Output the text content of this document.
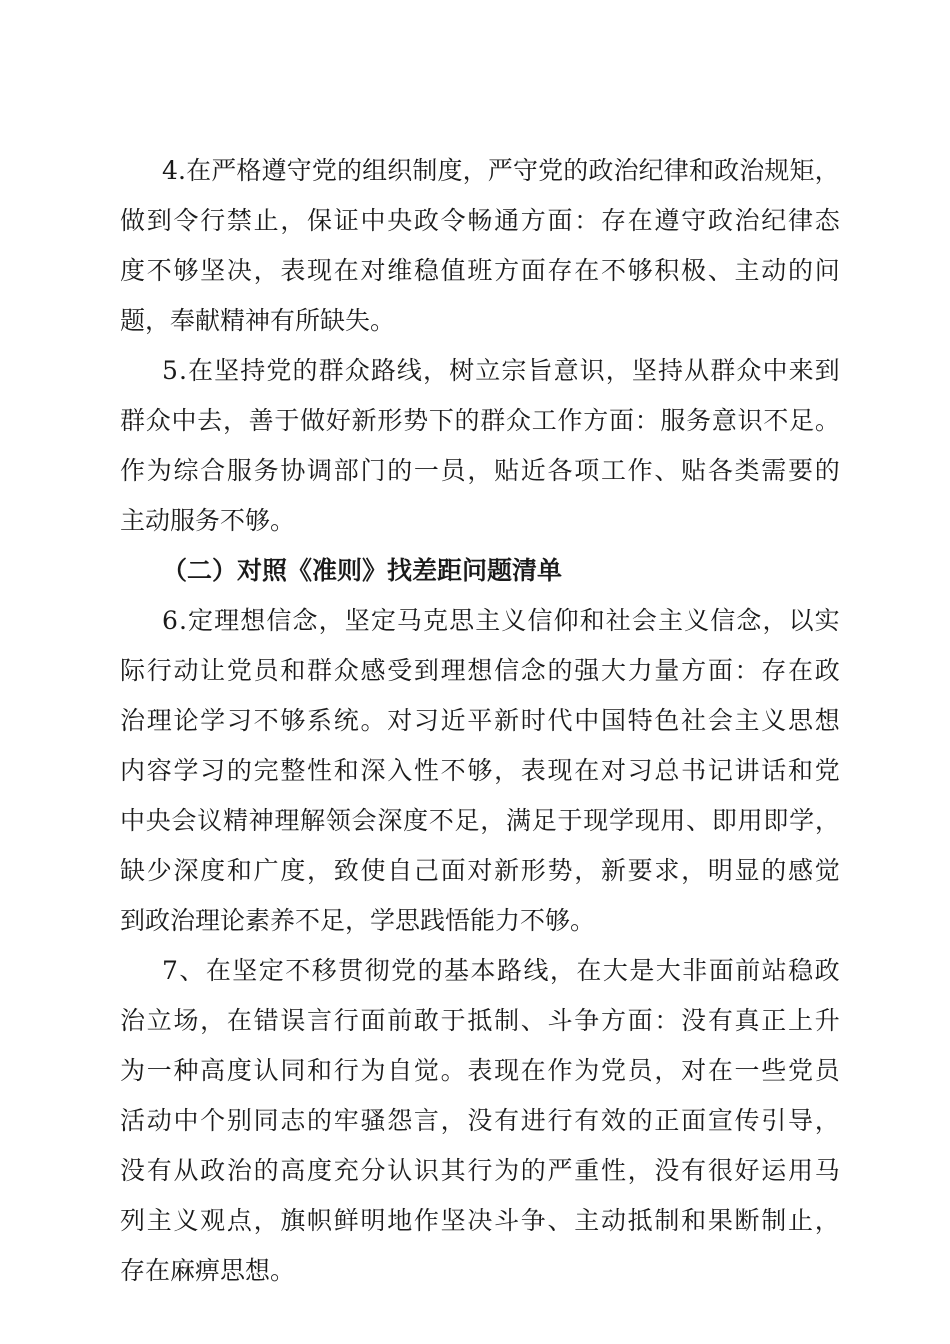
4 . 在 严 格 遵 守 党 的 组 织 制 度 ， 严 守 党 的 政 治 纪 律 和 政 治 规 矩 ，
做 到 令 行 禁 止 ， 保 证 中 央 政 令 畅 通 方 面 ： 存 在 遵 守 政 治 纪 律 态
度 不 够 坚 决 ， 表 现 在 对 维 稳 值 班 方 面 存 在 不 够 积 极 、 主 动 的 问
题，奉献精神有所缺失。
5 . 在 坚 持 党 的 群 众 路 线 ， 树 立 宗 旨 意 识 ， 坚 持 从 群 众 中 来 到
群 众 中 去 ， 善 于 做 好 新 形 势 下 的 群 众 工 作 方 面 ： 服 务 意 识 不 足 。
作 为 综 合 服 务 协 调 部 门 的 一 员 ， 贴 近 各 项 工 作 、 贴 各 类 需 要 的
主动服务不够。
（二）对照《准则》找差距问题清单
6 . 定 理 想 信 念 ， 坚 定 马 克 思 主 义 信 仰 和 社 会 主 义 信 念 ， 以 实
际 行 动 让 党 员 和 群 众 感 受 到 理 想 信 念 的 强 大 力 量 方 面 ： 存 在 政
治 理 论 学 习 不 够 系 统 。 对 习 近 平 新 时 代 中 国 特 色 社 会 主 义 思 想
内 容 学 习 的 完 整 性 和 深 入 性 不 够 ， 表 现 在 对 习 总 书 记 讲 话 和 党
中 央 会 议 精 神 理 解 领 会 深 度 不 足 ， 满 足 于 现 学 现 用 、 即 用 即 学 ，
缺 少 深 度 和 广 度 ， 致 使 自 己 面 对 新 形 势 ， 新 要 求 ， 明 显 的 感 觉
到政治理论素养不足，学思践悟能力不够。
7 、 在 坚 定 不 移 贯 彻 党 的 基 本 路 线 ， 在 大 是 大 非 面 前 站 稳 政
治 立 场 ， 在 错 误 言 行 面 前 敢 于 抵 制 、 斗 争 方 面 ： 没 有 真 正 上 升
为 一 种 高 度 认 同 和 行 为 自 觉 。 表 现 在 作 为 党 员 ， 对 在 一 些 党 员
活 动 中 个 别 同 志 的 牢 骚 怨 言 ， 没 有 进 行 有 效 的 正 面 宣 传 引 导 ，
没 有 从 政 治 的 高 度 充 分 认 识 其 行 为 的 严 重 性 ， 没 有 很 好 运 用 马
列 主 义 观 点 ， 旗 帜 鲜 明 地 作 坚 决 斗 争 、 主 动 抵 制 和 果 断 制 止 ，
存在麻痹思想。
